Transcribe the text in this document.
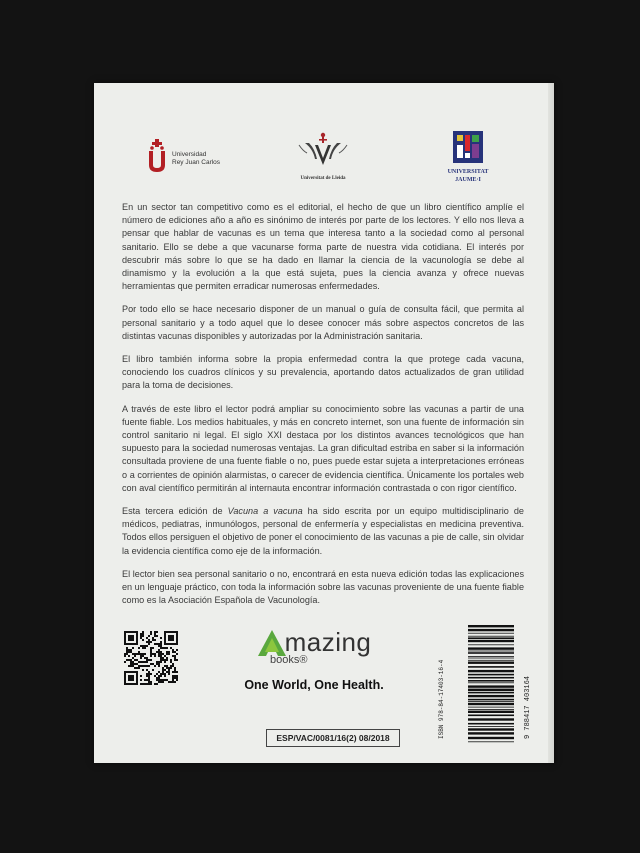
Universidad
Rey Juan Carlos
Universitat de Lleida
UNIVERSITAT
JAUME·I

En un sector tan competitivo como es el editorial, el hecho de que un libro científico amplíe el número de ediciones año a año es sinónimo de interés por parte de los lectores. Y ello nos lleva a pensar que hablar de vacunas es un tema que interesa tanto a la sociedad como al personal sanitario. Ello se debe a que vacunarse forma parte de nuestra vida cotidiana. El interés por descubrir más sobre lo que se ha dado en llamar la ciencia de la vacunología se debe al dinamismo y la evolución a la que está sujeta, pues la ciencia avanza y ofrece nuevas herramientas que permiten erradicar numerosas enfermedades.

Por todo ello se hace necesario disponer de un manual o guía de consulta fácil, que permita al personal sanitario y a todo aquel que lo desee conocer más sobre aspectos concretos de las distintas vacunas disponibles y autorizadas por la Administración sanitaria.

El libro también informa sobre la propia enfermedad contra la que protege cada vacuna, conociendo los cuadros clínicos y su prevalencia, aportando datos actualizados de gran utilidad para la toma de decisiones.

A través de este libro el lector podrá ampliar su conocimiento sobre las vacunas a partir de una fuente fiable. Los medios habituales, y más en concreto internet, son una fuente de información sin control sanitario ni legal. El siglo XXI destaca por los distintos avances tecnológicos que han supuesto para la sociedad numerosas ventajas. La gran dificultad estriba en saber si la información consultada proviene de una fuente fiable o no, pues puede estar sujeta a interpretaciones erróneas o a corrientes de opinión alarmistas, o carecer de evidencia científica. Únicamente los portales web con aval científico permitirán al internauta encontrar información contrastada o con rigor científico.

Esta tercera edición de Vacuna a vacuna ha sido escrita por un equipo multidisciplinario de médicos, pediatras, inmunólogos, personal de enfermería y especialistas en medicina preventiva. Todos ellos persiguen el objetivo de poner el conocimiento de las vacunas a pie de calle, sin olvidar la evidencia científica como eje de la información.

El lector bien sea personal sanitario o no, encontrará en esta nueva edición todas las explicaciones en un lenguaje práctico, con toda la información sobre las vacunas proveniente de una fuente fiable como es la Asociación Española de Vacunología.

mazing
books®
One World, One Health.
ESP/VAC/0081/16(2) 08/2018	ISBN 978-84-17403-16-4	9 788417 403164
